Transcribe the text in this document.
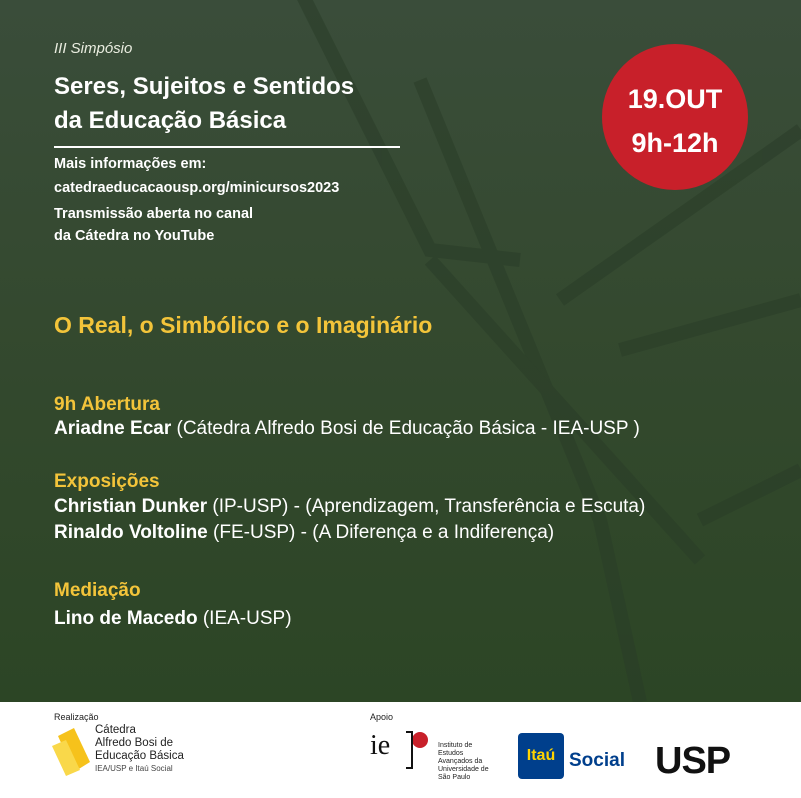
III Simpósio
Seres, Sujeitos e Sentidos
da Educação Básica
Mais informações em:
catedraeducacaousp.org/minicursos2023
Transmissão aberta no canal
da Cátedra no YouTube
19.OUT
9h-12h
O Real, o Simbólico e o Imaginário
9h Abertura
Ariadne Ecar (Cátedra Alfredo Bosi de Educação Básica - IEA-USP )
Exposições
Christian Dunker (IP-USP) - (Aprendizagem, Transferência e Escuta)
Rinaldo Voltoline (FE-USP) - (A Diferença e a Indiferença)
Mediação
Lino de Macedo (IEA-USP)
Realização
Cátedra
Alfredo Bosi de
Educação Básica
IEA/USP e Itaú Social
Apoio
ie	Instituto de
Estudos
Avançados da
Universidade de
São Paulo
Itaú Social USP
